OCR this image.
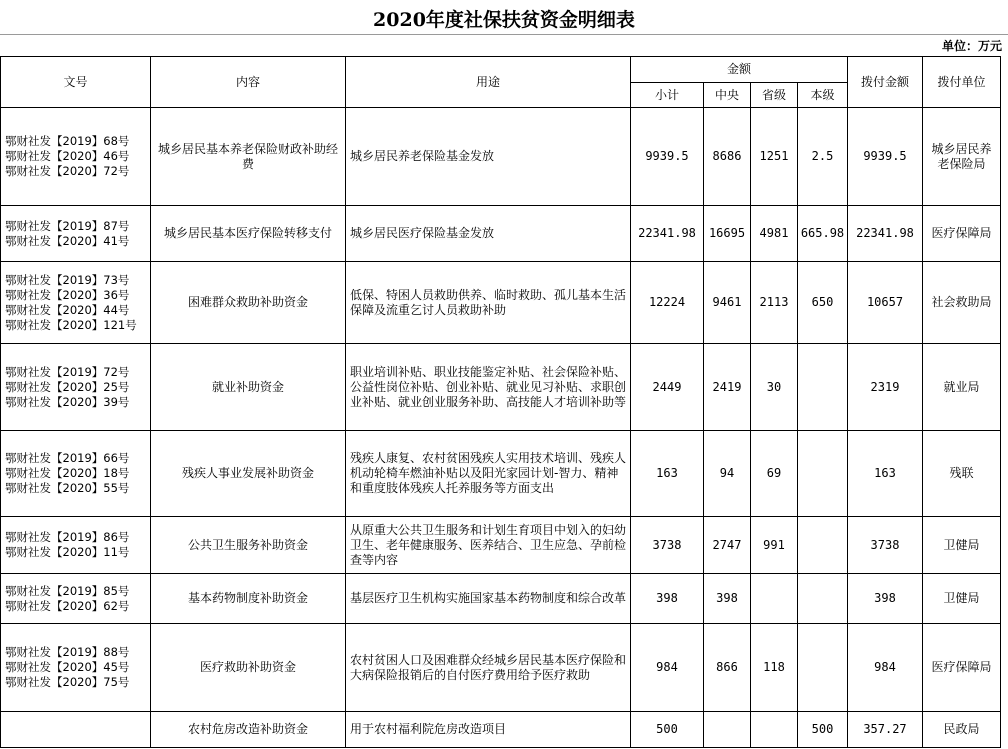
2020年度社保扶贫资金明细表
单位：万元
文号	内容	用途	金额				拨付金额	拨付单位
			小计	中央	省级	本级		

鄂财社发【2019】68号
鄂财社发【2020】46号
鄂财社发【2020】72号	城乡居民基本养老保险财政补助经费	城乡居民养老保险基金发放	9939.5	8686	1251	2.5	9939.5	城乡居民养老保险局

鄂财社发【2019】87号
鄂财社发【2020】41号	城乡居民基本医疗保险转移支付	城乡居民医疗保险基金发放	22341.98	16695	4981	665.98	22341.98	医疗保障局

鄂财社发【2019】73号
鄂财社发【2020】36号
鄂财社发【2020】44号
鄂财社发【2020】121号	困难群众救助补助资金	低保、特困人员救助供养、临时救助、孤儿基本生活保障及流重乞讨人员救助补助	12224	9461	2113	650	10657	社会救助局

鄂财社发【2019】72号
鄂财社发【2020】25号
鄂财社发【2020】39号	就业补助资金	职业培训补贴、职业技能鉴定补贴、社会保险补贴、公益性岗位补贴、创业补贴、就业见习补贴、求职创业补贴、就业创业服务补助、高技能人才培训补助等	2449	2419	30		2319	就业局

鄂财社发【2019】66号
鄂财社发【2020】18号
鄂财社发【2020】55号	残疾人事业发展补助资金	残疾人康复、农村贫困残疾人实用技术培训、残疾人机动轮椅车燃油补贴以及阳光家园计划-智力、精神和重度肢体残疾人托养服务等方面支出	163	94	69		163	残联

鄂财社发【2019】86号
鄂财社发【2020】11号	公共卫生服务补助资金	从原重大公共卫生服务和计划生育项目中划入的妇幼卫生、老年健康服务、医养结合、卫生应急、孕前检查等内容	3738	2747	991		3738	卫健局

鄂财社发【2019】85号
鄂财社发【2020】62号	基本药物制度补助资金	基层医疗卫生机构实施国家基本药物制度和综合改革	398	398			398	卫健局

鄂财社发【2019】88号
鄂财社发【2020】45号
鄂财社发【2020】75号	医疗救助补助资金	农村贫困人口及困难群众经城乡居民基本医疗保险和大病保险报销后的自付医疗费用给予医疗救助	984	866	118		984	医疗保障局
	农村危房改造补助资金	用于农村福利院危房改造项目	500			500	357.27	民政局
